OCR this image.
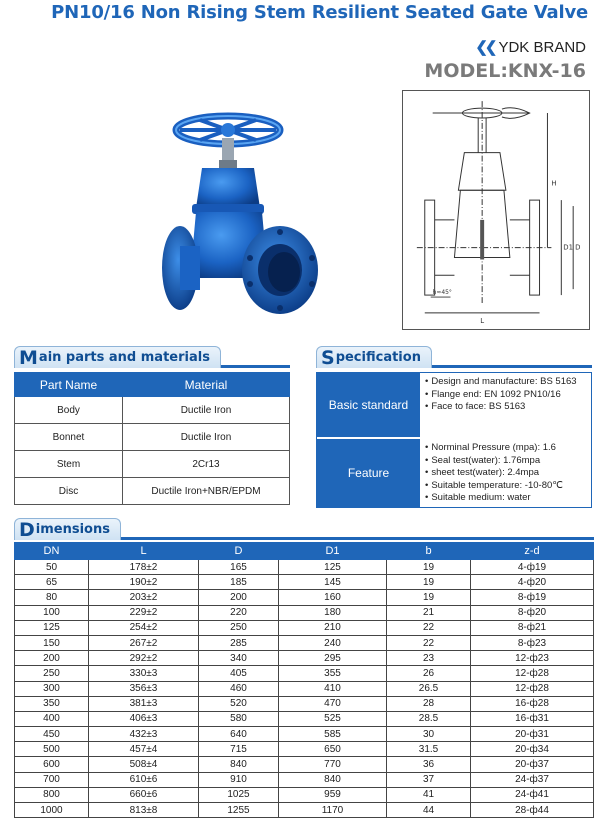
PN10/16 Non Rising Stem Resilient Seated Gate Valve
❮❮ YDK BRAND
MODEL:KNX-16
L
H
D1 D
h≈45°
M ain parts and materials
Part Name	Material
Body	Ductile Iron
Bonnet	Ductile Iron
Stem	2Cr13
Disc	Ductile Iron+NBR/EPDM
S pecification
Basic standard
• Design and manufacture: BS 5163
• Flange end: EN 1092 PN10/16
• Face to face: BS 5163
Feature
• Norminal Pressure (mpa): 1.6
• Seal test(water): 1.76mpa
• sheet test(water): 2.4mpa
• Suitable temperature: -10-80℃
• Suitable medium: water
D imensions
DN	L	D	D1	b	z-d
50	178±2	165	125	19	4-ф19
65	190±2	185	145	19	4-ф20
80	203±2	200	160	19	8-ф19
100	229±2	220	180	21	8-ф20
125	254±2	250	210	22	8-ф21
150	267±2	285	240	22	8-ф23
200	292±2	340	295	23	12-ф23
250	330±3	405	355	26	12-ф28
300	356±3	460	410	26.5	12-ф28
350	381±3	520	470	28	16-ф28
400	406±3	580	525	28.5	16-ф31
450	432±3	640	585	30	20-ф31
500	457±4	715	650	31.5	20-ф34
600	508±4	840	770	36	20-ф37
700	610±6	910	840	37	24-ф37
800	660±6	1025	959	41	24-ф41
1000	813±8	1255	1170	44	28-ф44
